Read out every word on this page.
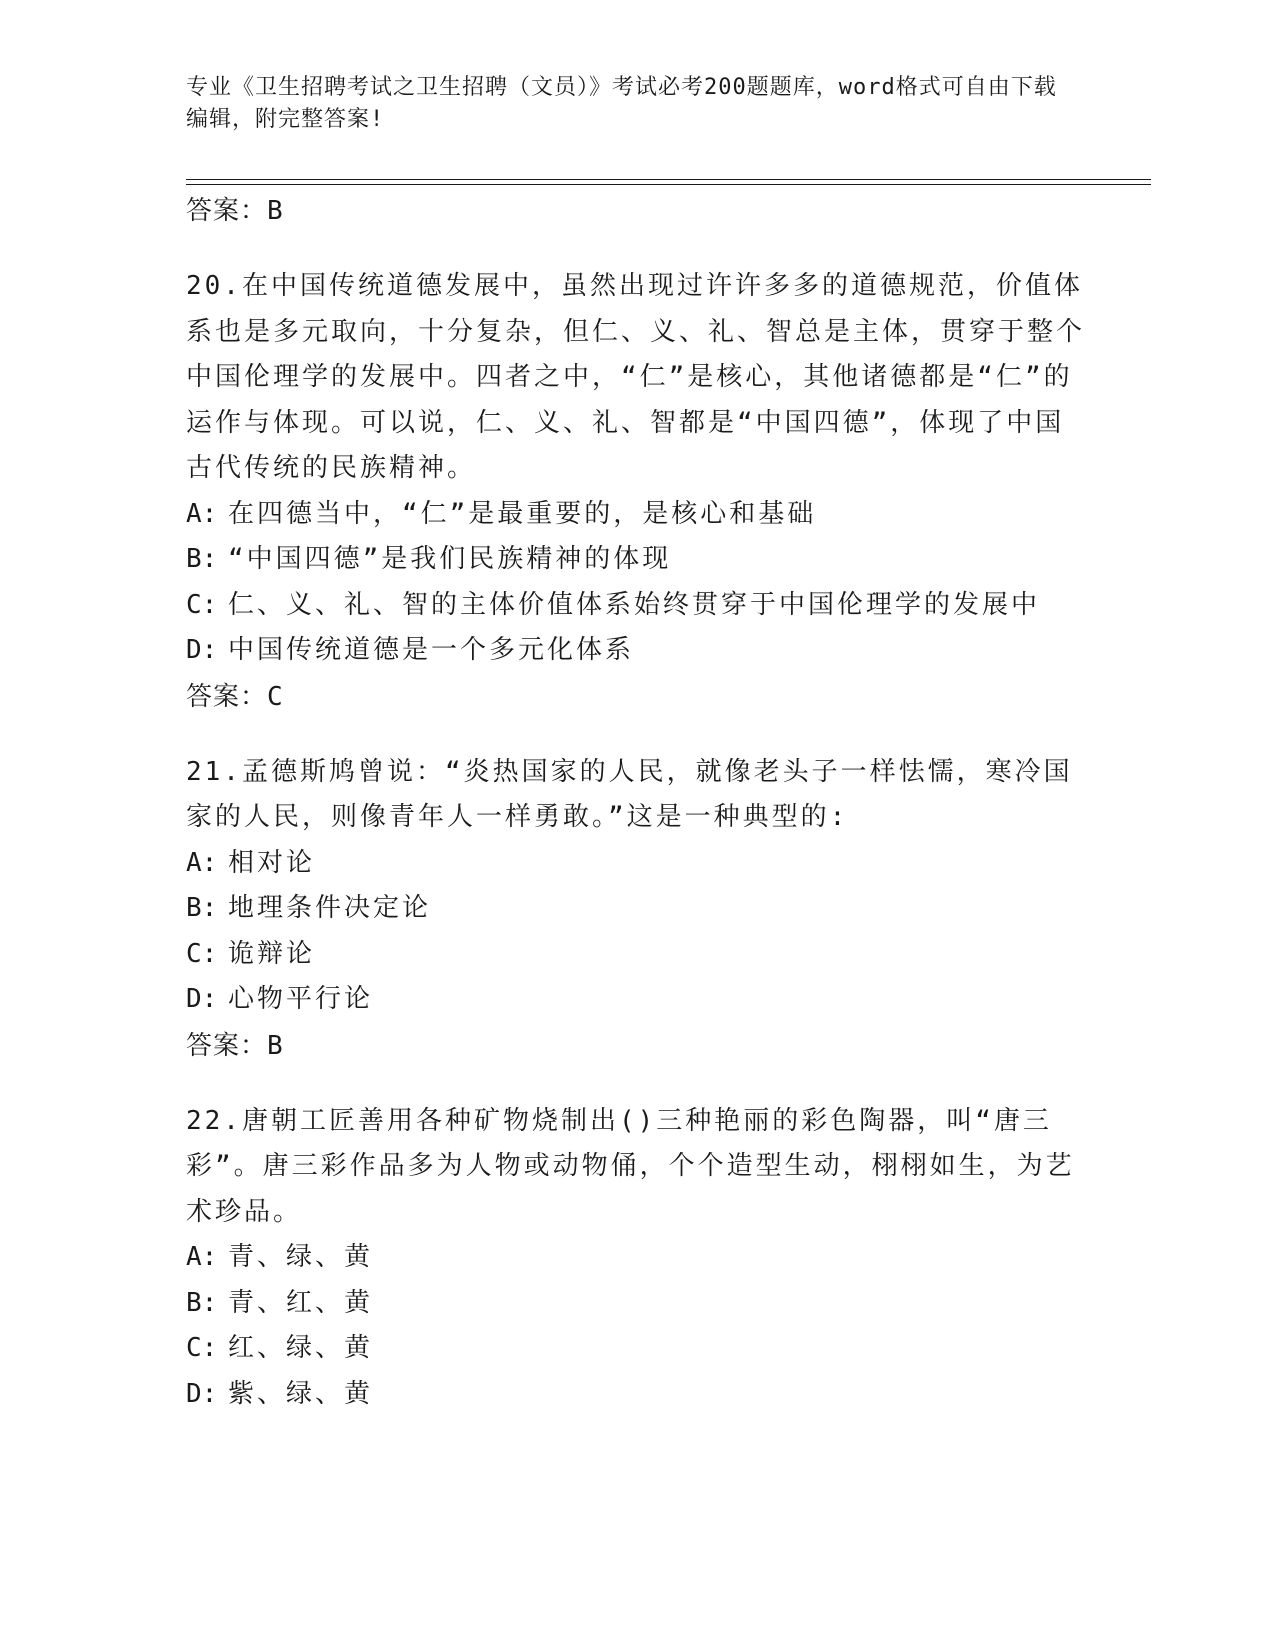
专业《卫生招聘考试之卫生招聘（文员）》考试必考200题题库，word格式可自由下载编辑，附完整答案!
答案：B
20.在中国传统道德发展中，虽然出现过许许多多的道德规范，价值体系也是多元取向，十分复杂，但仁、义、礼、智总是主体，贯穿于整个中国伦理学的发展中。四者之中，“仁”是核心，其他诸德都是“仁”的运作与体现。可以说，仁、义、礼、智都是“中国四德”，体现了中国古代传统的民族精神。
A: 在四德当中，“仁”是最重要的，是核心和基础
B: “中国四德”是我们民族精神的体现
C: 仁、义、礼、智的主体价值体系始终贯穿于中国伦理学的发展中
D: 中国传统道德是一个多元化体系
答案：C
21.孟德斯鸠曾说：“炎热国家的人民，就像老头子一样怯懦，寒冷国家的人民，则像青年人一样勇敢。”这是一种典型的:
A: 相对论
B: 地理条件决定论
C: 诡辩论
D: 心物平行论
答案：B
22.唐朝工匠善用各种矿物烧制出()三种艳丽的彩色陶器，叫“唐三彩”。唐三彩作品多为人物或动物俑，个个造型生动，栩栩如生，为艺术珍品。
A: 青、绿、黄
B: 青、红、黄
C: 红、绿、黄
D: 紫、绿、黄
